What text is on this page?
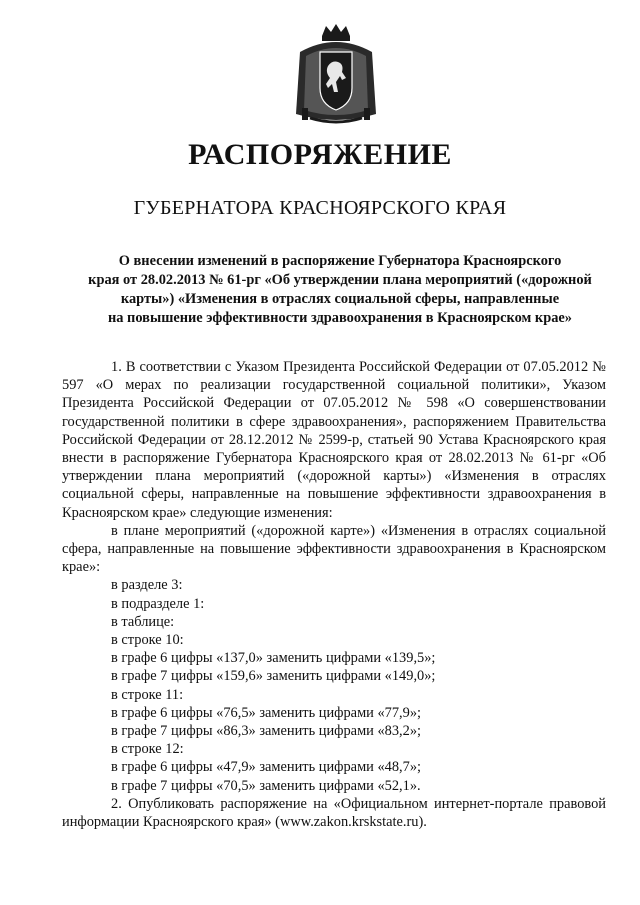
РАСПОРЯЖЕНИЕ
ГУБЕРНАТОРА КРАСНОЯРСКОГО КРАЯ
О внесении изменений в распоряжение Губернатора Красноярского
края от 28.02.2013 № 61-рг «Об утверждении плана мероприятий («дорожной
карты») «Изменения в отраслях социальной сферы, направленные
на повышение эффективности здравоохранения в Красноярском крае»
1. В соответствии с Указом Президента Российской Федерации от 07.05.2012 № 597 «О мерах по реализации государственной социальной политики», Указом Президента Российской Федерации от 07.05.2012 № 598 «О совершенствовании государственной политики в сфере здравоохранения», распоряжением Правительства Российской Федерации от 28.12.2012 № 2599-р, статьей 90 Устава Красноярского края внести в распоряжение Губернатора Красноярского края от 28.02.2013 № 61-рг «Об утверждении плана мероприятий («дорожной карты») «Изменения в отраслях социальной сферы, направленные на повышение эффективности здравоохранения в Красноярском крае» следующие изменения:
в плане мероприятий («дорожной карте») «Изменения в отраслях социальной сфера, направленные на повышение эффективности здравоохранения в Красноярском крае»:
в разделе 3:
в подразделе 1:
в таблице:
в строке 10:
в графе 6 цифры «137,0» заменить цифрами «139,5»;
в графе 7 цифры «159,6» заменить цифрами «149,0»;
в строке 11:
в графе 6 цифры «76,5» заменить цифрами «77,9»;
в графе 7 цифры «86,3» заменить цифрами «83,2»;
в строке 12:
в графе 6 цифры «47,9» заменить цифрами «48,7»;
в графе 7 цифры «70,5» заменить цифрами «52,1».
2. Опубликовать распоряжение на «Официальном интернет-портале правовой информации Красноярского края» (www.zakon.krskstate.ru).
